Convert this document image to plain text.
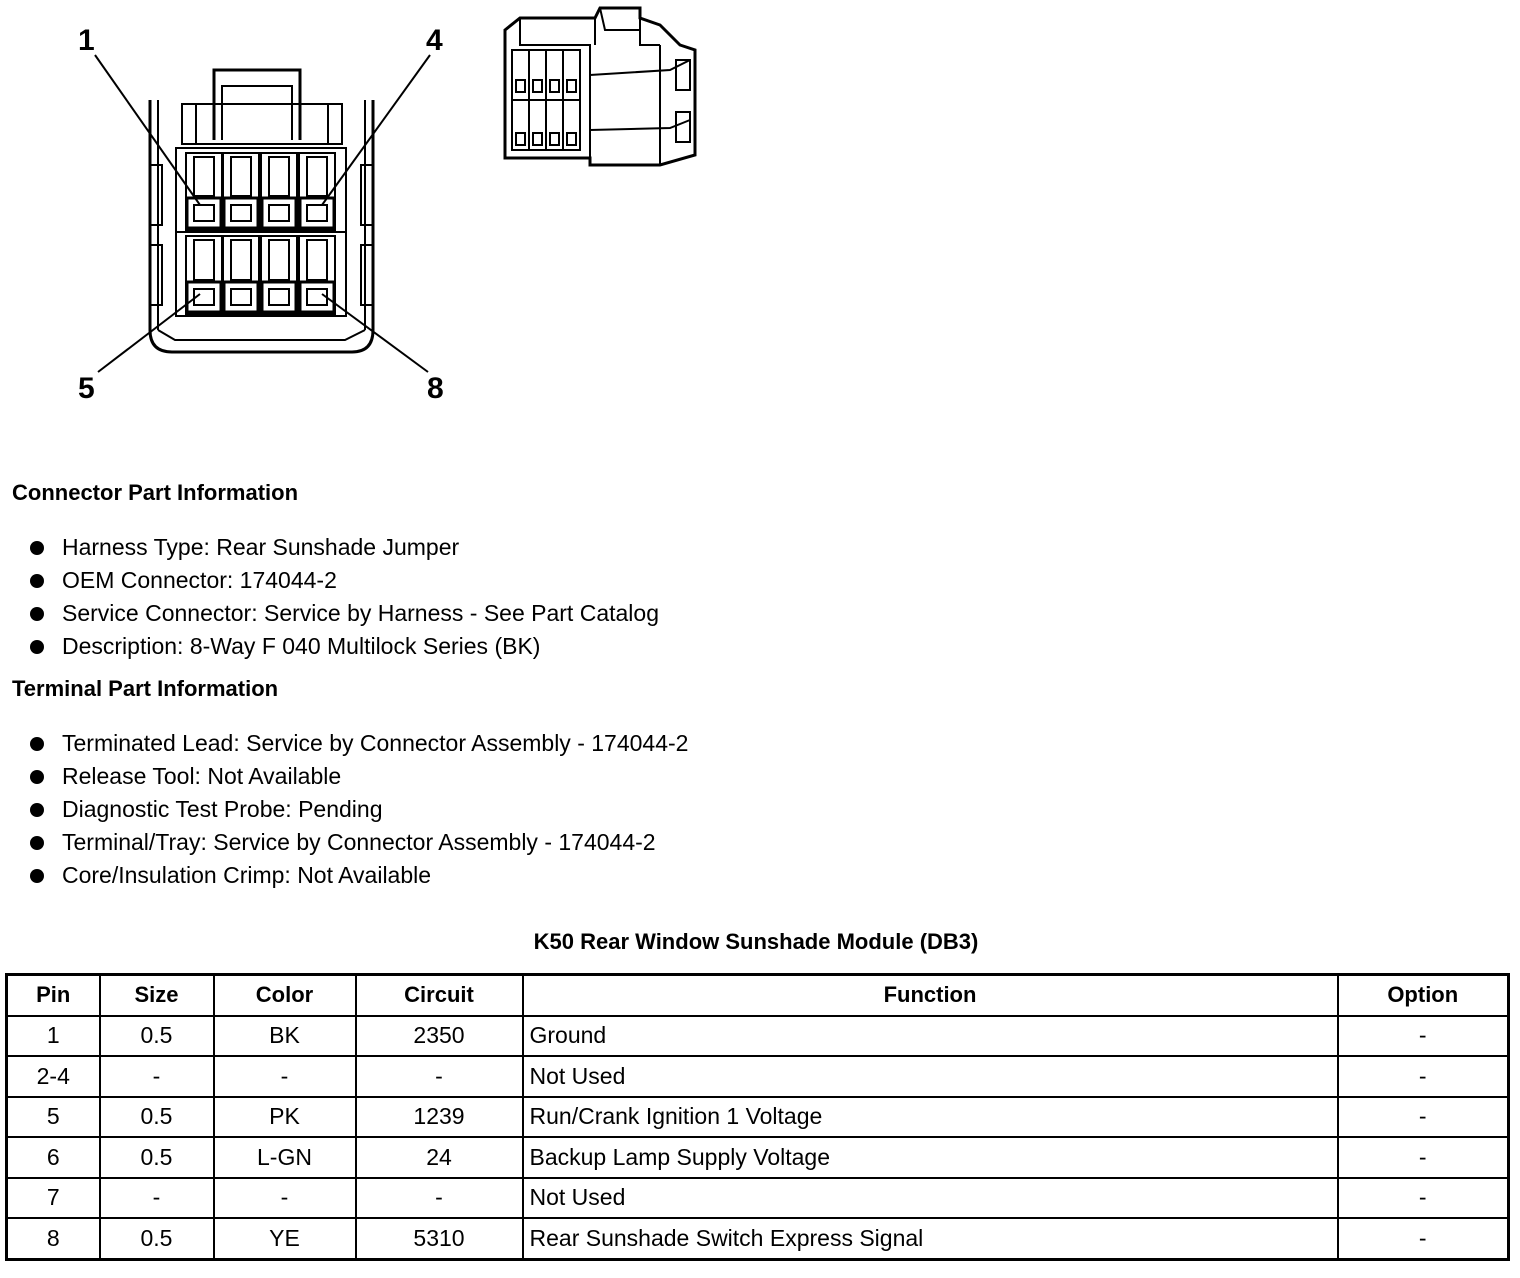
1	4
5	8
Connector Part Information
Harness Type: Rear Sunshade Jumper
OEM Connector: 174044-2
Service Connector: Service by Harness - See Part Catalog
Description: 8-Way F 040 Multilock Series (BK)
Terminal Part Information
Terminated Lead: Service by Connector Assembly - 174044-2
Release Tool: Not Available
Diagnostic Test Probe: Pending
Terminal/Tray: Service by Connector Assembly - 174044-2
Core/Insulation Crimp: Not Available
K50 Rear Window Sunshade Module (DB3)
Pin	Size	Color	Circuit	Function	Option
1	0.5	BK	2350	Ground	-
2-4	-	-	-	Not Used	-
5	0.5	PK	1239	Run/Crank Ignition 1 Voltage	-
6	0.5	L-GN	24	Backup Lamp Supply Voltage	-
7	-	-	-	Not Used	-
8	0.5	YE	5310	Rear Sunshade Switch Express Signal	-
